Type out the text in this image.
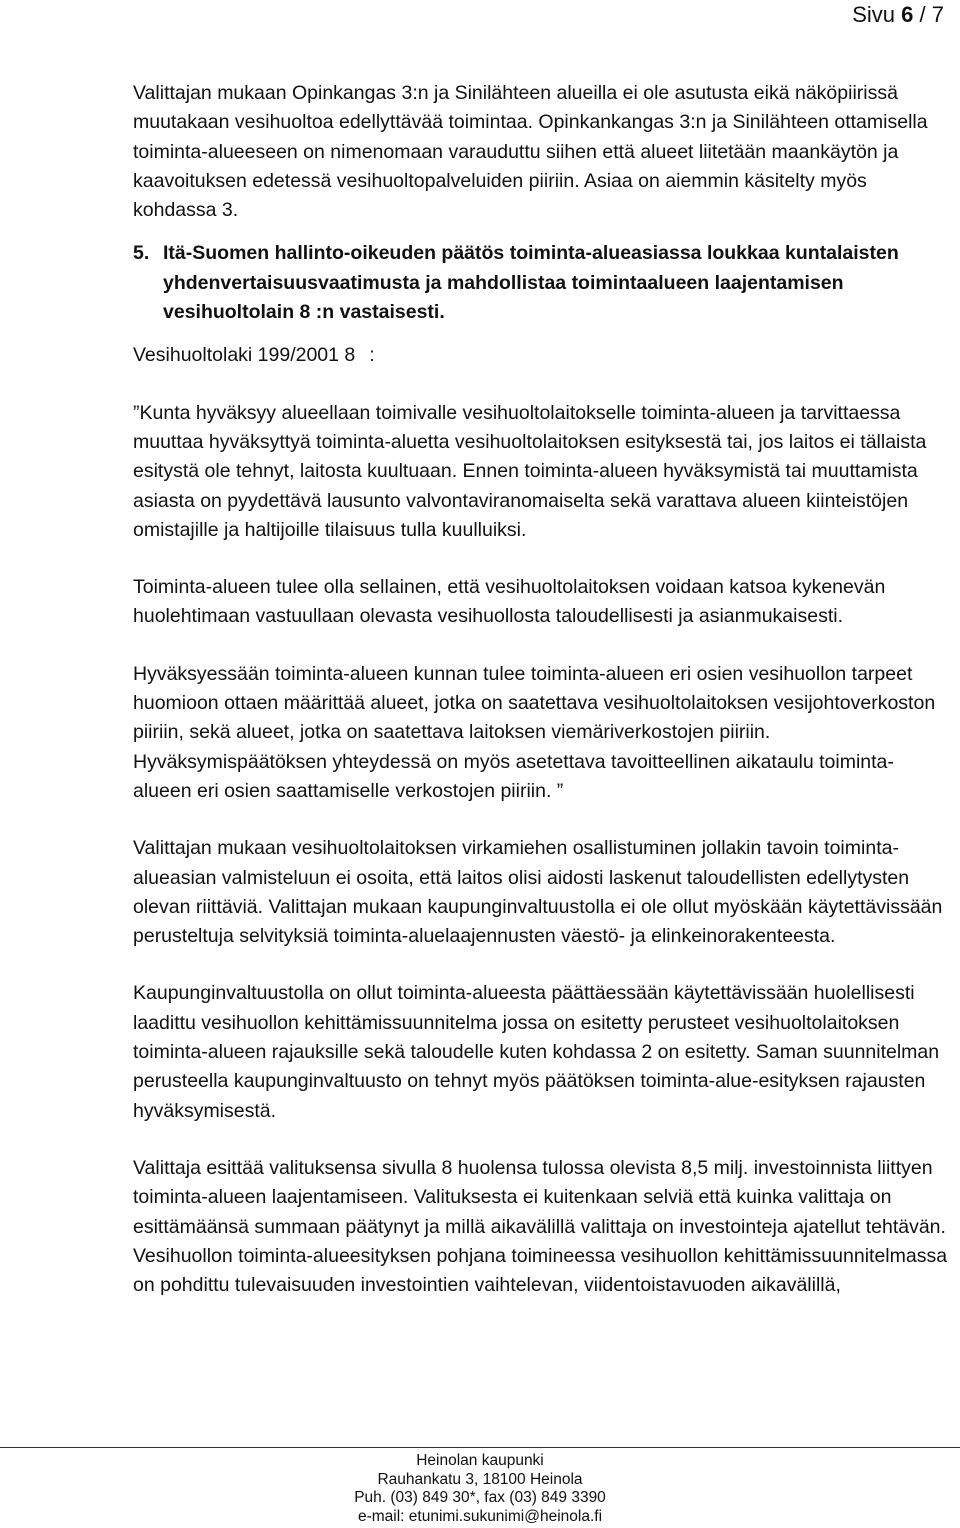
Sivu 6 / 7

Valittajan mukaan Opinkangas 3:n ja Sinilähteen alueilla ei ole asutusta eikä näköpiirissä muutakaan vesihuoltoa edellyttävää toimintaa. Opinkankangas 3:n ja Sinilähteen ottamisella toiminta-alueeseen on nimenomaan varauduttu siihen että alueet liitetään maankäytön ja kaavoituksen edetessä vesihuoltopalveluiden piiriin. Asiaa on aiemmin käsitelty myös kohdassa 3.

5. Itä-Suomen hallinto-oikeuden päätös toiminta-alueasiassa loukkaa kuntalaisten yhdenvertaisuusvaatimusta ja mahdollistaa toimintaalueen laajentamisen vesihuoltolain 8 :n vastaisesti.

Vesihuoltolaki 199/2001 8 :

”Kunta hyväksyy alueellaan toimivalle vesihuoltolaitokselle toiminta-alueen ja tarvittaessa muuttaa hyväksyttyä toiminta-aluetta vesihuoltolaitoksen esityksestä tai, jos laitos ei tällaista esitystä ole tehnyt, laitosta kuultuaan. Ennen toiminta-alueen hyväksymistä tai muuttamista asiasta on pyydettävä lausunto valvontaviranomaiselta sekä varattava alueen kiinteistöjen omistajille ja haltijoille tilaisuus tulla kuulluiksi.

Toiminta-alueen tulee olla sellainen, että vesihuoltolaitoksen voidaan katsoa kykenevän huolehtimaan vastuullaan olevasta vesihuollosta taloudellisesti ja asianmukaisesti.

Hyväksyessään toiminta-alueen kunnan tulee toiminta-alueen eri osien vesihuollon tarpeet huomioon ottaen määrittää alueet, jotka on saatettava vesihuoltolaitoksen vesijohtoverkoston piiriin, sekä alueet, jotka on saatettava laitoksen viemäriverkostojen piiriin. Hyväksymispäätöksen yhteydessä on myös asetettava tavoitteellinen aikataulu toiminta-alueen eri osien saattamiselle verkostojen piiriin. ”

Valittajan mukaan vesihuoltolaitoksen virkamiehen osallistuminen jollakin tavoin toiminta-alueasian valmisteluun ei osoita, että laitos olisi aidosti laskenut taloudellisten edellytysten olevan riittäviä. Valittajan mukaan kaupunginvaltuustolla ei ole ollut myöskään käytettävissään perusteltuja selvityksiä toiminta-aluelaajennusten väestö- ja elinkeinorakenteesta.

Kaupunginvaltuustolla on ollut toiminta-alueesta päättäessään käytettävissään huolellisesti laadittu vesihuollon kehittämissuunnitelma jossa on esitetty perusteet vesihuoltolaitoksen toiminta-alueen rajauksille sekä taloudelle kuten kohdassa 2 on esitetty. Saman suunnitelman perusteella kaupunginvaltuusto on tehnyt myös päätöksen toiminta-alue-esityksen rajausten hyväksymisestä.

Valittaja esittää valituksensa sivulla 8 huolensa tulossa olevista 8,5 milj. investoinnista liittyen toiminta-alueen laajentamiseen. Valituksesta ei kuitenkaan selviä että kuinka valittaja on esittämäänsä summaan päätynyt ja millä aikavälillä valittaja on investointeja ajatellut tehtävän. Vesihuollon toiminta-alueesityksen pohjana toimineessa vesihuollon kehittämissuunnitelmassa on pohdittu tulevaisuuden investointien vaihtelevan, viidentoistavuoden aikavälillä,

Heinolan kaupunki
Rauhankatu 3, 18100 Heinola
Puh. (03) 849 30*, fax (03) 849 3390
e-mail: etunimi.sukunimi@heinola.fi
